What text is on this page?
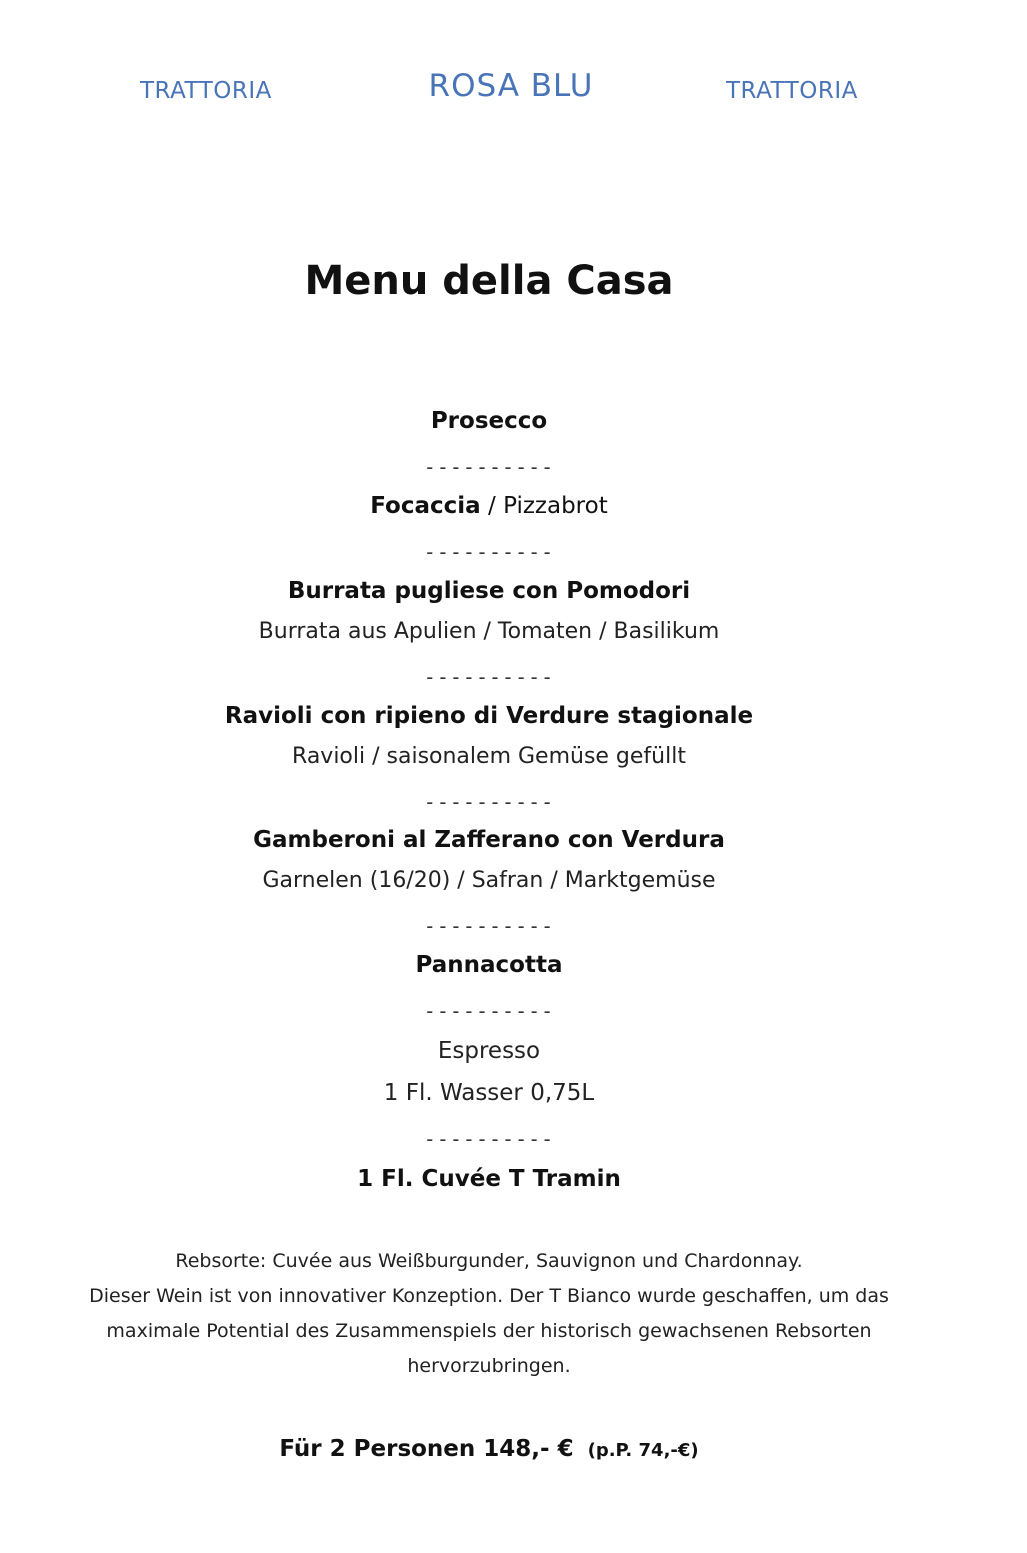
TRATTORIA	ROSA BLU	TRATTORIA
Menu della Casa
Prosecco
----------
Focaccia / Pizzabrot
----------
Burrata pugliese con Pomodori
Burrata aus Apulien / Tomaten / Basilikum
----------
Ravioli con ripieno di Verdure stagionale
Ravioli / saisonalem Gemüse gefüllt
----------
Gamberoni al Zafferano con Verdura
Garnelen (16/20) / Safran / Marktgemüse
----------
Pannacotta
----------
Espresso
1 Fl. Wasser 0,75L
----------
1 Fl. Cuvée T Tramin
Rebsorte: Cuvée aus Weißburgunder, Sauvignon und Chardonnay.
Dieser Wein ist von innovativer Konzeption. Der T Bianco wurde geschaffen, um das
maximale Potential des Zusammenspiels der historisch gewachsenen Rebsorten
hervorzubringen.
Für 2 Personen 148,- € (p.P. 74,-€)
